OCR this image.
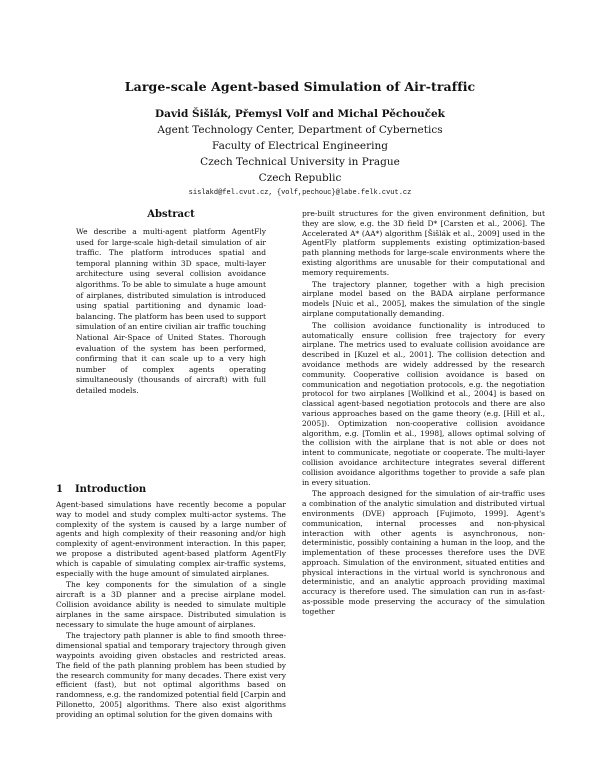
Large-scale Agent-based Simulation of Air-traffic
David Šišlák, Přemysl Volf and Michal Pěchouček
Agent Technology Center, Department of Cybernetics
Faculty of Electrical Engineering
Czech Technical University in Prague
Czech Republic
sislakd@fel.cvut.cz, {volf,pechouc}@labe.felk.cvut.cz
Abstract
We describe a multi-agent platform AgentFly used for large-scale high-detail simulation of air traffic. The platform introduces spatial and temporal planning within 3D space, multi-layer architecture using several collision avoidance algorithms. To be able to simulate a huge amount of airplanes, distributed simulation is introduced using spatial partitioning and dynamic load-balancing. The platform has been used to support simulation of an entire civilian air traffic touching National Air-Space of United States. Thorough evaluation of the system has been performed, confirming that it can scale up to a very high number of complex agents operating simultaneously (thousands of aircraft) with full detailed models.
1 Introduction

Agent-based simulations have recently become a popular way to model and study complex multi-actor systems. The complexity of the system is caused by a large number of agents and high complexity of their reasoning and/or high complexity of agent-environment interaction. In this paper, we propose a distributed agent-based platform AgentFly which is capable of simulating complex air-traffic systems, especially with the huge amount of simulated airplanes.

The key components for the simulation of a single aircraft is a 3D planner and a precise airplane model. Collision avoidance ability is needed to simulate multiple airplanes in the same airspace. Distributed simulation is necessary to simulate the huge amount of airplanes.

The trajectory path planner is able to find smooth three-dimensional spatial and temporary trajectory through given waypoints avoiding given obstacles and restricted areas. The field of the path planning problem has been studied by the research community for many decades. There exist very efficient (fast), but not optimal algorithms based on randomness, e.g. the randomized potential field [Carpin and Pillonetto, 2005] algorithms. There also exist algorithms providing an optimal solution for the given domains with

pre-built structures for the given environment definition, but they are slow, e.g. the 3D field D* [Carsten et al., 2006]. The Accelerated A* (AA*) algorithm [Šišlák et al., 2009] used in the AgentFly platform supplements existing optimization-based path planning methods for large-scale environments where the existing algorithms are unusable for their computational and memory requirements.

The trajectory planner, together with a high precision airplane model based on the BADA airplane performance models [Nuic et al., 2005], makes the simulation of the single airplane computationally demanding.

The collision avoidance functionality is introduced to automatically ensure collision free trajectory for every airplane. The metrics used to evaluate collision avoidance are described in [Kuzel et al., 2001]. The collision detection and avoidance methods are widely addressed by the research community. Cooperative collision avoidance is based on communication and negotiation protocols, e.g. the negotiation protocol for two airplanes [Wollkind et al., 2004] is based on classical agent-based negotiation protocols and there are also various approaches based on the game theory (e.g. [Hill et al., 2005]). Optimization non-cooperative collision avoidance algorithm, e.g. [Tomlin et al., 1998], allows optimal solving of the collision with the airplane that is not able or does not intent to communicate, negotiate or cooperate. The multi-layer collision avoidance architecture integrates several different collision avoidance algorithms together to provide a safe plan in every situation.

The approach designed for the simulation of air-traffic uses a combination of the analytic simulation and distributed virtual environments (DVE) approach [Fujimoto, 1999]. Agent's communication, internal processes and non-physical interaction with other agents is asynchronous, non-deterministic, possibly containing a human in the loop, and the implementation of these processes therefore uses the DVE approach. Simulation of the environment, situated entities and physical interactions in the virtual world is synchronous and deterministic, and an analytic approach providing maximal accuracy is therefore used. The simulation can run in as-fast-as-possible mode preserving the accuracy of the simulation together
